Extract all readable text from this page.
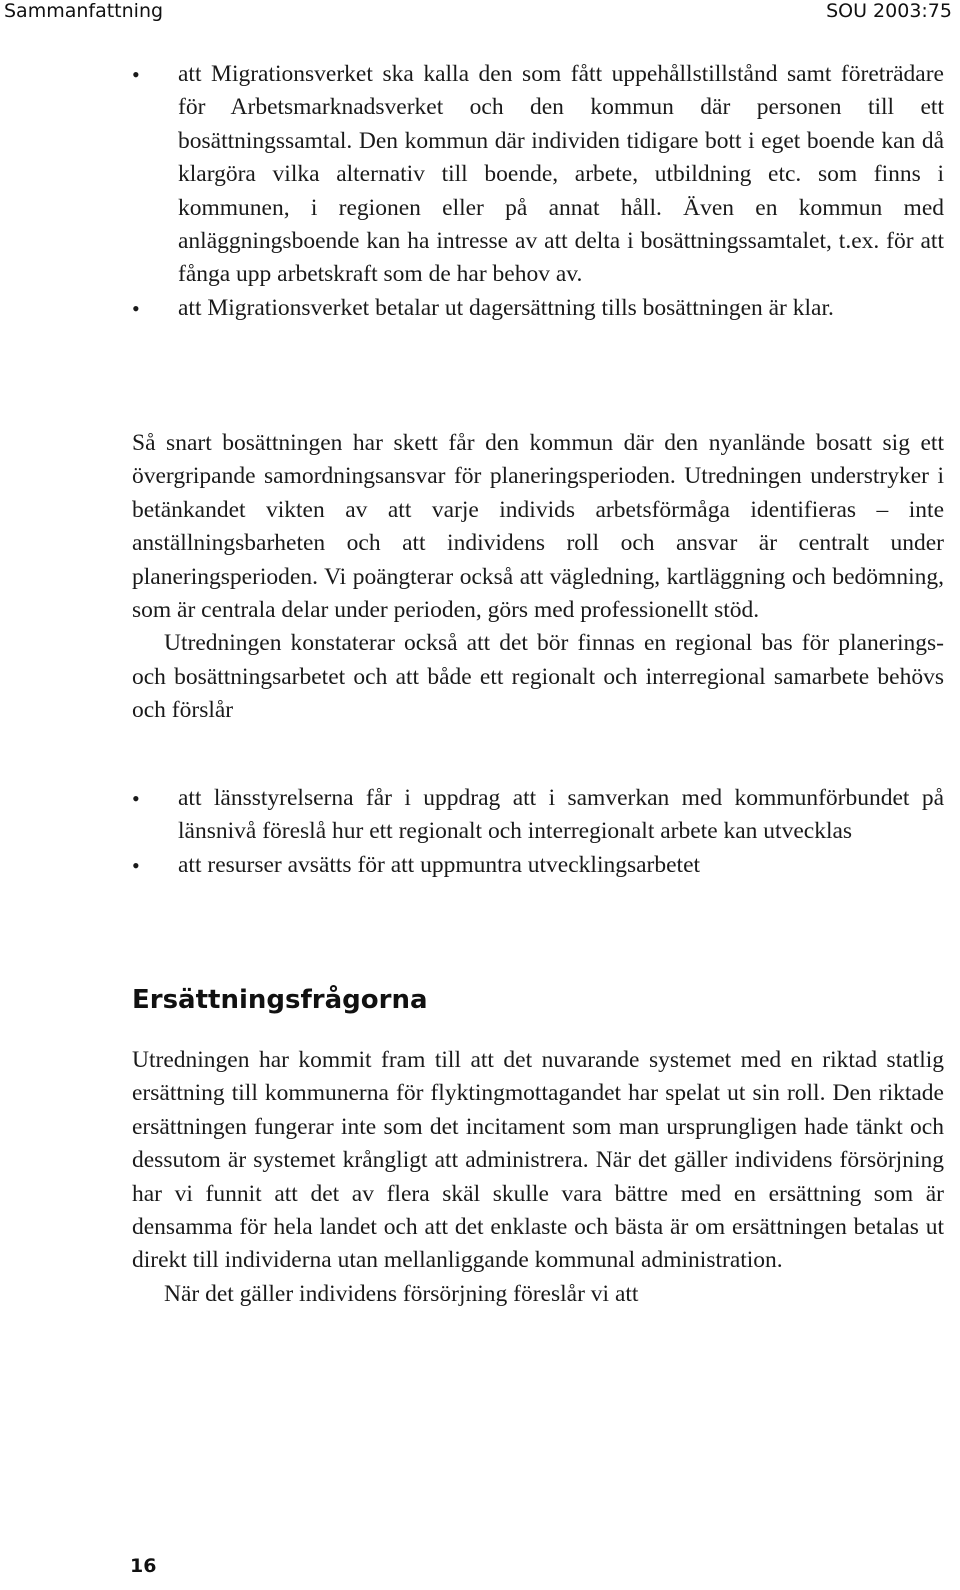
Sammanfattning	SOU 2003:75
• att Migrationsverket ska kalla den som fått uppehållstillstånd samt företrädare för Arbetsmarknadsverket och den kommun där personen till ett bosättningssamtal. Den kommun där individen tidigare bott i eget boende kan då klargöra vilka alternativ till boende, arbete, utbildning etc. som finns i kommunen, i regionen eller på annat håll. Även en kommun med anläggningsboende kan ha intresse av att delta i bosättningssamtalet, t.ex. för att fånga upp arbetskraft som de har behov av.

• att Migrationsverket betalar ut dagersättning tills bosättningen är klar.

Så snart bosättningen har skett får den kommun där den nyanlände bosatt sig ett övergripande samordningsansvar för planeringsperioden. Utredningen understryker i betänkandet vikten av att varje individs arbetsförmåga identifieras – inte anställningsbarheten och att individens roll och ansvar är centralt under planeringsperioden. Vi poängterar också att vägledning, kartläggning och bedömning, som är centrala delar under perioden, görs med professionellt stöd.

Utredningen konstaterar också att det bör finnas en regional bas för planerings- och bosättningsarbetet och att både ett regionalt och interregional samarbete behövs och förslår

• att länsstyrelserna får i uppdrag att i samverkan med kommunförbundet på länsnivå föreslå hur ett regionalt och interregionalt arbete kan utvecklas

• att resurser avsätts för att uppmuntra utvecklingsarbetet

Ersättningsfrågorna

Utredningen har kommit fram till att det nuvarande systemet med en riktad statlig ersättning till kommunerna för flyktingmottagandet har spelat ut sin roll. Den riktade ersättningen fungerar inte som det incitament som man ursprungligen hade tänkt och dessutom är systemet krångligt att administrera. När det gäller individens försörjning har vi funnit att det av flera skäl skulle vara bättre med en ersättning som är densamma för hela landet och att det enklaste och bästa är om ersättningen betalas ut direkt till individerna utan mellanliggande kommunal administration.

När det gäller individens försörjning föreslår vi att

16
